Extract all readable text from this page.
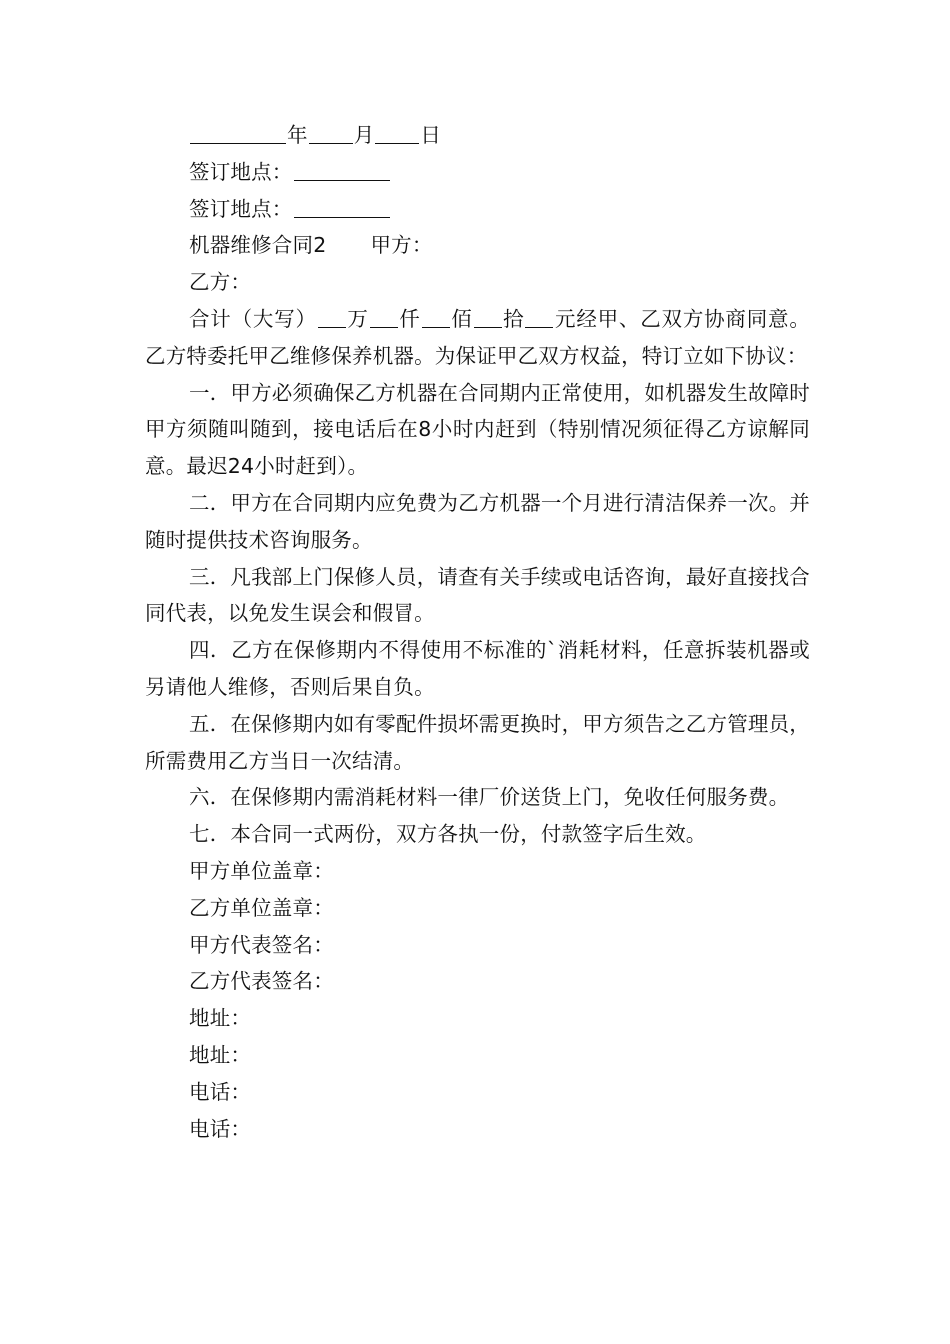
年 月 日
签订地点：
签订地点：
机器维修合同2 甲方：
乙方：
合计（大写） 万 仟 佰 拾 元经甲、乙双方协商同意。乙方特委托甲乙维修保养机器。为保证甲乙双方权益，特订立如下协议：
一．甲方必须确保乙方机器在合同期内正常使用，如机器发生故障时甲方须随叫随到，接电话后在8小时内赶到（特别情况须征得乙方谅解同意。最迟24小时赶到）。
二．甲方在合同期内应免费为乙方机器一个月进行清洁保养一次。并随时提供技术咨询服务。
三．凡我部上门保修人员，请查有关手续或电话咨询，最好直接找合同代表，以免发生误会和假冒。
四．乙方在保修期内不得使用不标准的`消耗材料，任意拆装机器或另请他人维修，否则后果自负。
五．在保修期内如有零配件损坏需更换时，甲方须告之乙方管理员，所需费用乙方当日一次结清。
六．在保修期内需消耗材料一律厂价送货上门，免收任何服务费。
七．本合同一式两份，双方各执一份，付款签字后生效。
甲方单位盖章：
乙方单位盖章：
甲方代表签名：
乙方代表签名：
地址：
地址：
电话：
电话：
